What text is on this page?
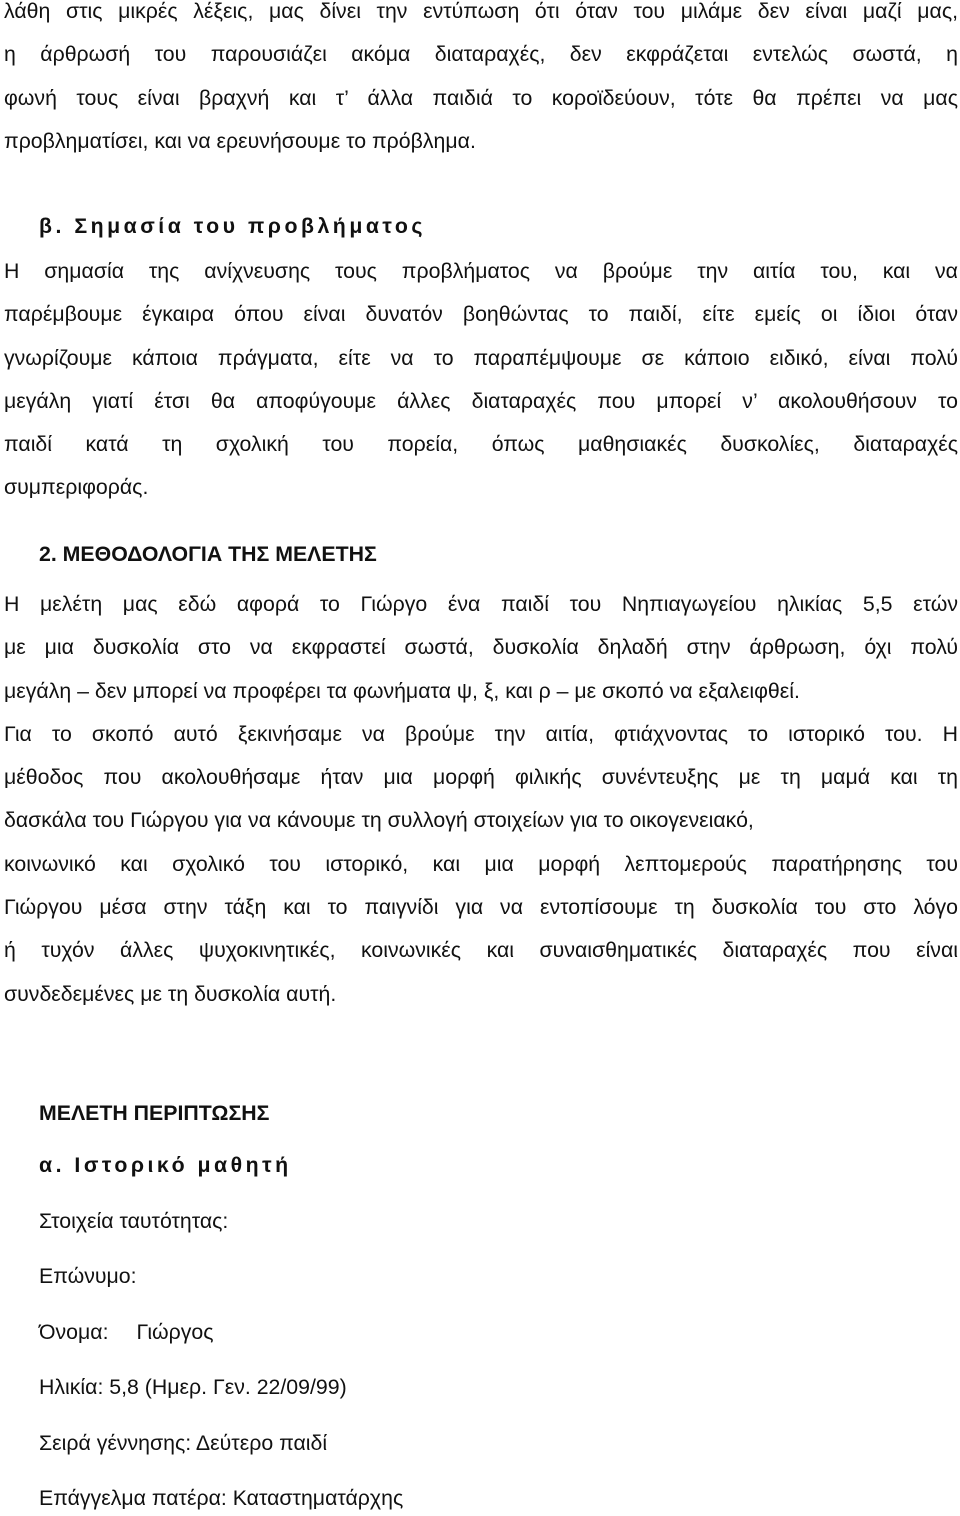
λάθη στις μικρές λέξεις, μας δίνει την εντύπωση ότι όταν του μιλάμε δεν είναι μαζί μας,
η άρθρωσή του παρουσιάζει ακόμα διαταραχές, δεν εκφράζεται εντελώς σωστά, η
φωνή τους είναι βραχνή και τ’ άλλα παιδιά το κοροϊδεύουν, τότε θα πρέπει να μας
προβληματίσει, και να ερευνήσουμε το πρόβλημα.
β. Σημασία του προβλήματος
Η σημασία της ανίχνευσης τους προβλήματος να βρούμε την αιτία του, και να
παρέμβουμε έγκαιρα όπου είναι δυνατόν βοηθώντας το παιδί, είτε εμείς οι ίδιοι όταν
γνωρίζουμε κάποια πράγματα, είτε να το παραπέμψουμε σε κάποιο ειδικό, είναι πολύ
μεγάλη γιατί έτσι θα αποφύγουμε άλλες διαταραχές που μπορεί ν’ ακολουθήσουν το
παιδί κατά τη σχολική του πορεία, όπως μαθησιακές δυσκολίες, διαταραχές
συμπεριφοράς.
2. ΜΕΘΟΔΟΛΟΓΙΑ ΤΗΣ ΜΕΛΕΤΗΣ
Η μελέτη μας εδώ αφορά το Γιώργο ένα παιδί του Νηπιαγωγείου ηλικίας 5,5 ετών
με μια δυσκολία στο να εκφραστεί σωστά, δυσκολία δηλαδή στην άρθρωση, όχι πολύ
μεγάλη – δεν μπορεί να προφέρει τα φωνήματα ψ, ξ, και ρ – με σκοπό να εξαλειφθεί.
Για το σκοπό αυτό ξεκινήσαμε να βρούμε την αιτία, φτιάχνοντας το ιστορικό του. Η
μέθοδος που ακολουθήσαμε ήταν μια μορφή φιλικής συνέντευξης με τη μαμά και τη
δασκάλα του Γιώργου για να κάνουμε τη συλλογή στοιχείων για το οικογενειακό,
κοινωνικό και σχολικό του ιστορικό, και μια μορφή λεπτομερούς παρατήρησης του
Γιώργου μέσα στην τάξη και το παιγνίδι για να εντοπίσουμε τη δυσκολία του στο λόγο
ή τυχόν άλλες ψυχοκινητικές, κοινωνικές και συναισθηματικές διαταραχές που είναι
συνδεδεμένες με τη δυσκολία αυτή.
ΜΕΛΕΤΗ ΠΕΡΙΠΤΩΣΗΣ
α. Ιστορικό μαθητή
Στοιχεία ταυτότητας:
Επώνυμο:
Όνομα: Γιώργος
Ηλικία: 5,8 (Ημερ. Γεν. 22/09/99)
Σειρά γέννησης: Δεύτερο παιδί
Επάγγελμα πατέρα: Καταστηματάρχης
